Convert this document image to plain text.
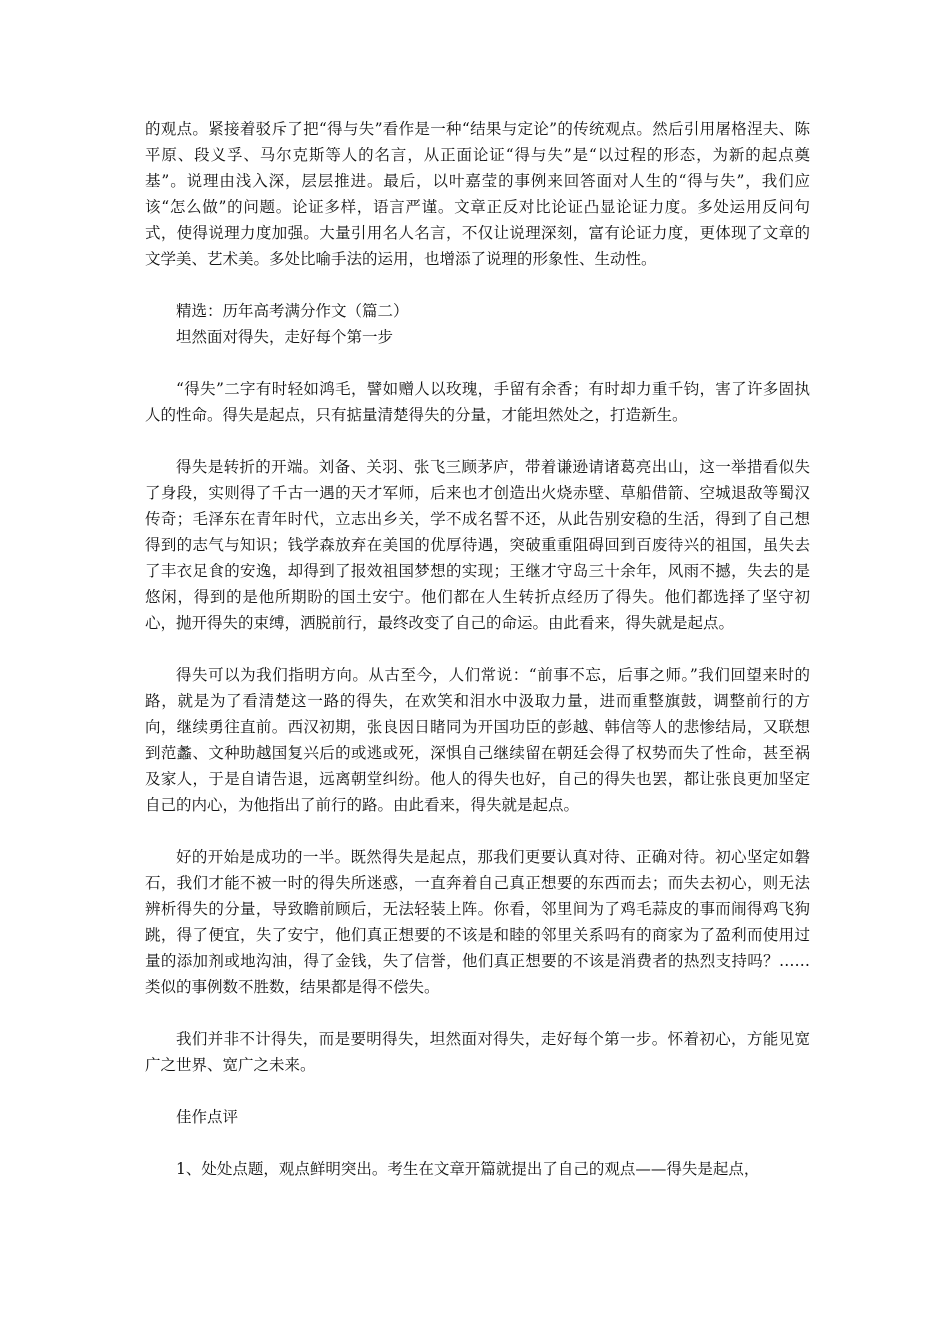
的观点。紧接着驳斥了把“得与失”看作是一种“结果与定论”的传统观点。然后引用屠格涅夫、陈平原、段义孚、马尔克斯等人的名言，从正面论证“得与失”是“以过程的形态，为新的起点奠基”。说理由浅入深，层层推进。最后，以叶嘉莹的事例来回答面对人生的“得与失”，我们应该“怎么做”的问题。论证多样，语言严谨。文章正反对比论证凸显论证力度。多处运用反问句式，使得说理力度加强。大量引用名人名言，不仅让说理深刻，富有论证力度，更体现了文章的文学美、艺术美。多处比喻手法的运用，也增添了说理的形象性、生动性。

精选：历年高考满分作文（篇二）

坦然面对得失，走好每个第一步

“得失”二字有时轻如鸿毛，譬如赠人以玫瑰，手留有余香；有时却力重千钧，害了许多固执人的性命。得失是起点，只有掂量清楚得失的分量，才能坦然处之，打造新生。

得失是转折的开端。刘备、关羽、张飞三顾茅庐，带着谦逊请诸葛亮出山，这一举措看似失了身段，实则得了千古一遇的天才军师，后来也才创造出火烧赤壁、草船借箭、空城退敌等蜀汉传奇；毛泽东在青年时代，立志出乡关，学不成名誓不还，从此告别安稳的生活，得到了自己想得到的志气与知识；钱学森放弃在美国的优厚待遇，突破重重阻碍回到百废待兴的祖国，虽失去了丰衣足食的安逸，却得到了报效祖国梦想的实现；王继才守岛三十余年，风雨不撼，失去的是悠闲，得到的是他所期盼的国土安宁。他们都在人生转折点经历了得失。他们都选择了坚守初心，抛开得失的束缚，洒脱前行，最终改变了自己的命运。由此看来，得失就是起点。

得失可以为我们指明方向。从古至今，人们常说：“前事不忘，后事之师。”我们回望来时的路，就是为了看清楚这一路的得失，在欢笑和泪水中汲取力量，进而重整旗鼓，调整前行的方向，继续勇往直前。西汉初期，张良因日睹同为开国功臣的彭越、韩信等人的悲惨结局，又联想到范蠡、文种助越国复兴后的或逃或死，深惧自己继续留在朝廷会得了权势而失了性命，甚至祸及家人，于是自请告退，远离朝堂纠纷。他人的得失也好，自己的得失也罢，都让张良更加坚定自己的内心，为他指出了前行的路。由此看来，得失就是起点。

好的开始是成功的一半。既然得失是起点，那我们更要认真对待、正确对待。初心坚定如磐石，我们才能不被一时的得失所迷惑，一直奔着自己真正想要的东西而去；而失去初心，则无法辨析得失的分量，导致瞻前顾后，无法轻装上阵。你看，邻里间为了鸡毛蒜皮的事而闹得鸡飞狗跳，得了便宜，失了安宁，他们真正想要的不该是和睦的邻里关系吗有的商家为了盈利而使用过量的添加剂或地沟油，得了金钱，失了信誉，他们真正想要的不该是消费者的热烈支持吗？……类似的事例数不胜数，结果都是得不偿失。

我们并非不计得失，而是要明得失，坦然面对得失，走好每个第一步。怀着初心，方能见宽广之世界、宽广之未来。

佳作点评

1、处处点题，观点鲜明突出。考生在文章开篇就提出了自己的观点——得失是起点，
